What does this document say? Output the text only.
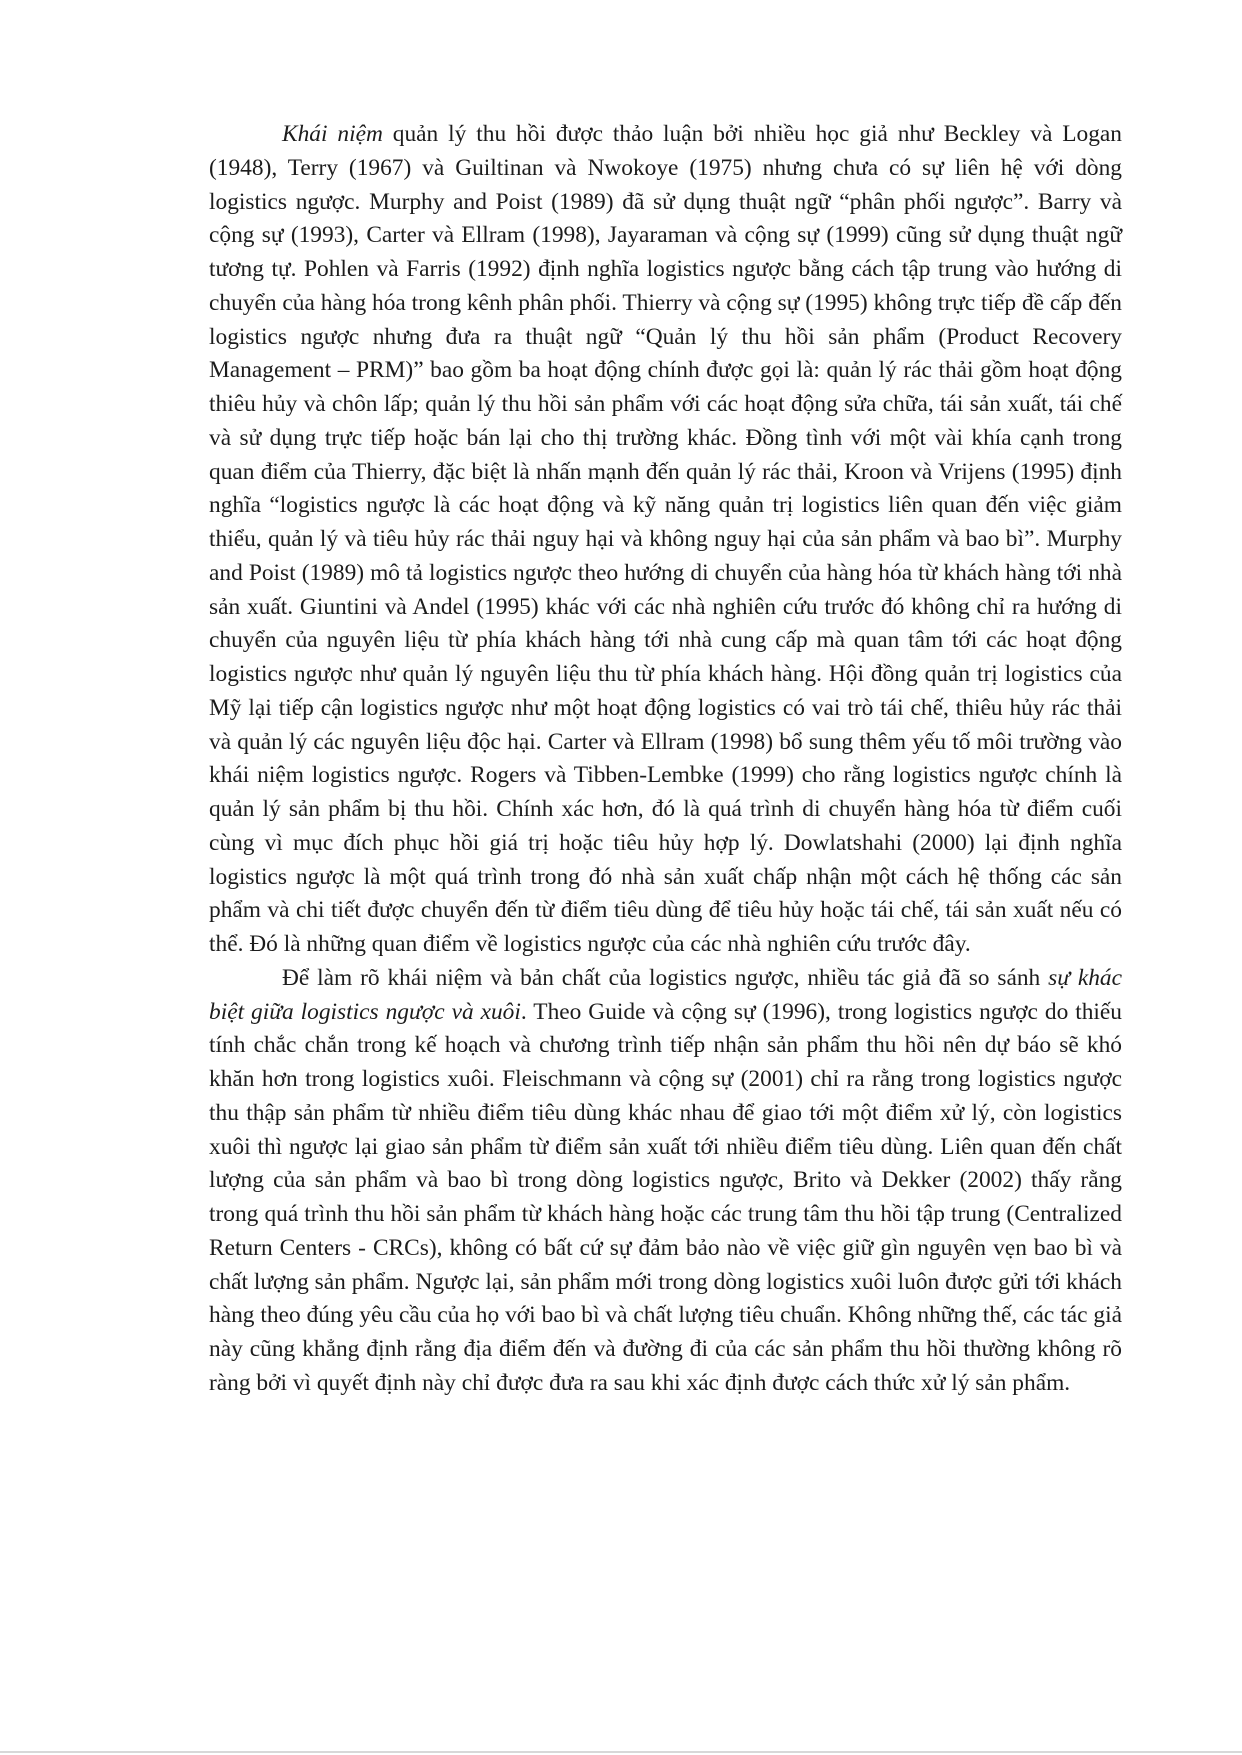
Khái niệm quản lý thu hồi được thảo luận bởi nhiều học giả như Beckley và Logan (1948), Terry (1967) và Guiltinan và Nwokoye (1975) nhưng chưa có sự liên hệ với dòng logistics ngược. Murphy and Poist (1989) đã sử dụng thuật ngữ “phân phối ngược”. Barry và cộng sự (1993), Carter và Ellram (1998), Jayaraman và cộng sự (1999) cũng sử dụng thuật ngữ tương tự. Pohlen và Farris (1992) định nghĩa logistics ngược bằng cách tập trung vào hướng di chuyển của hàng hóa trong kênh phân phối. Thierry và cộng sự (1995) không trực tiếp đề cấp đến logistics ngược nhưng đưa ra thuật ngữ “Quản lý thu hồi sản phẩm (Product Recovery Management – PRM)” bao gồm ba hoạt động chính được gọi là: quản lý rác thải gồm hoạt động thiêu hủy và chôn lấp; quản lý thu hồi sản phẩm với các hoạt động sửa chữa, tái sản xuất, tái chế và sử dụng trực tiếp hoặc bán lại cho thị trường khác. Đồng tình với một vài khía cạnh trong quan điểm của Thierry, đặc biệt là nhấn mạnh đến quản lý rác thải, Kroon và Vrijens (1995) định nghĩa “logistics ngược là các hoạt động và kỹ năng quản trị logistics liên quan đến việc giảm thiểu, quản lý và tiêu hủy rác thải nguy hại và không nguy hại của sản phẩm và bao bì”. Murphy and Poist (1989) mô tả logistics ngược theo hướng di chuyển của hàng hóa từ khách hàng tới nhà sản xuất. Giuntini và Andel (1995) khác với các nhà nghiên cứu trước đó không chỉ ra hướng di chuyển của nguyên liệu từ phía khách hàng tới nhà cung cấp mà quan tâm tới các hoạt động logistics ngược như quản lý nguyên liệu thu từ phía khách hàng. Hội đồng quản trị logistics của Mỹ lại tiếp cận logistics ngược như một hoạt động logistics có vai trò tái chế, thiêu hủy rác thải và quản lý các nguyên liệu độc hại. Carter và Ellram (1998) bổ sung thêm yếu tố môi trường vào khái niệm logistics ngược. Rogers và Tibben-Lembke (1999) cho rằng logistics ngược chính là quản lý sản phẩm bị thu hồi. Chính xác hơn, đó là quá trình di chuyển hàng hóa từ điểm cuối cùng vì mục đích phục hồi giá trị hoặc tiêu hủy hợp lý. Dowlatshahi (2000) lại định nghĩa logistics ngược là một quá trình trong đó nhà sản xuất chấp nhận một cách hệ thống các sản phẩm và chi tiết được chuyển đến từ điểm tiêu dùng để tiêu hủy hoặc tái chế, tái sản xuất nếu có thể. Đó là những quan điểm về logistics ngược của các nhà nghiên cứu trước đây.

Để làm rõ khái niệm và bản chất của logistics ngược, nhiều tác giả đã so sánh sự khác biệt giữa logistics ngược và xuôi. Theo Guide và cộng sự (1996), trong logistics ngược do thiếu tính chắc chắn trong kế hoạch và chương trình tiếp nhận sản phẩm thu hồi nên dự báo sẽ khó khăn hơn trong logistics xuôi. Fleischmann và cộng sự (2001) chỉ ra rằng trong logistics ngược thu thập sản phẩm từ nhiều điểm tiêu dùng khác nhau để giao tới một điểm xử lý, còn logistics xuôi thì ngược lại giao sản phẩm từ điểm sản xuất tới nhiều điểm tiêu dùng. Liên quan đến chất lượng của sản phẩm và bao bì trong dòng logistics ngược, Brito và Dekker (2002) thấy rằng trong quá trình thu hồi sản phẩm từ khách hàng hoặc các trung tâm thu hồi tập trung (Centralized Return Centers - CRCs), không có bất cứ sự đảm bảo nào về việc giữ gìn nguyên vẹn bao bì và chất lượng sản phẩm. Ngược lại, sản phẩm mới trong dòng logistics xuôi luôn được gửi tới khách hàng theo đúng yêu cầu của họ với bao bì và chất lượng tiêu chuẩn. Không những thế, các tác giả này cũng khẳng định rằng địa điểm đến và đường đi của các sản phẩm thu hồi thường không rõ ràng bởi vì quyết định này chỉ được đưa ra sau khi xác định được cách thức xử lý sản phẩm.
